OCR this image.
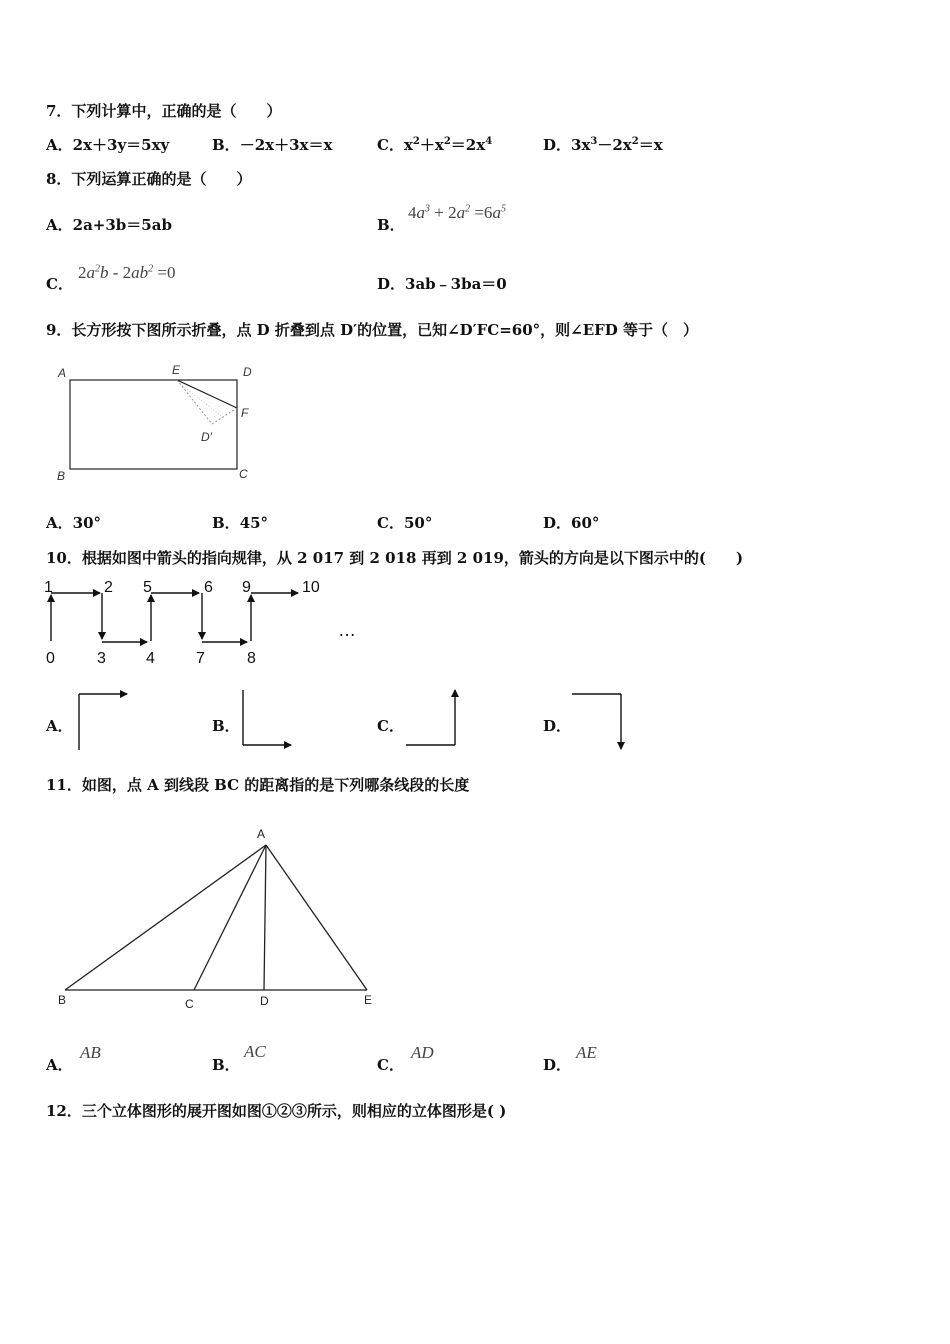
7．下列计算中，正确的是（　　）
A．2x＋3y＝5xy	B．－2x＋3x＝x	C．$x^2+x^2=2x^4$	D．$3x^3-2x^2=x$
8．下列运算正确的是（　　）
A．2a+3b＝5ab	B．
$4a^3 + 2a^2 =6a^5$
C．
$2a^2b - 2ab^2 =0$
D．3ab﹣3ba＝0
9．长方形按下图所示折叠，点 D 折叠到点 D′的位置，已知∠D′FC=60°，则∠EFD 等于（　）
A	E	D
F
D′
B	C
A．30°	B．45°	C．50°	D．60°
10．根据如图中箭头的指向规律，从 2 017 到 2 018 再到 2 019，箭头的方向是以下图示中的(　　)
0
1	2
3	4
5	6
7	8
9	10
…
A．	B．	C．	D．
11．如图，点 A 到线段 BC 的距离指的是下列哪条线段的长度
A
B	C	D	E
A．
AB
B．
AC
C．
AD
D．
AE
12．三个立体图形的展开图如图①②③所示，则相应的立体图形是( )
